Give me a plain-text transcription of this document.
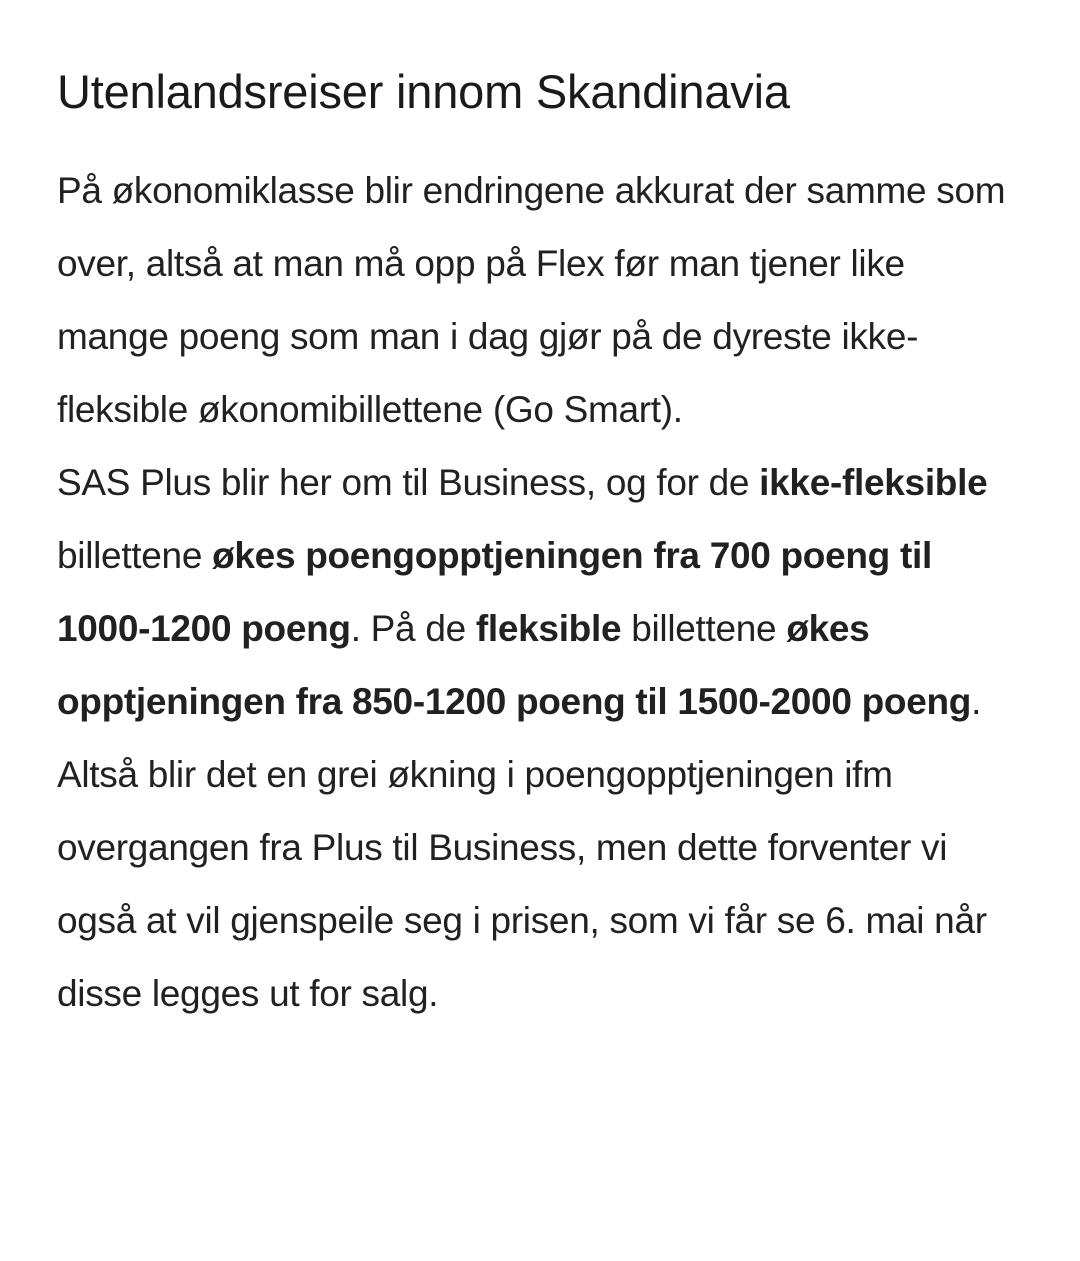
Utenlandsreiser innom Skandinavia

På økonomiklasse blir endringene akkurat der samme som over, altså at man må opp på Flex før man tjener like mange poeng som man i dag gjør på de dyreste ikke-fleksible økonomibillettene (Go Smart).

SAS Plus blir her om til Business, og for de ikke-fleksible billettene økes poengopptjeningen fra 700 poeng til 1000-1200 poeng. På de fleksible billettene økes opptjeningen fra 850-1200 poeng til 1500-2000 poeng.

Altså blir det en grei økning i poengopptjeningen ifm overgangen fra Plus til Business, men dette forventer vi også at vil gjenspeile seg i prisen, som vi får se 6. mai når disse legges ut for salg.
